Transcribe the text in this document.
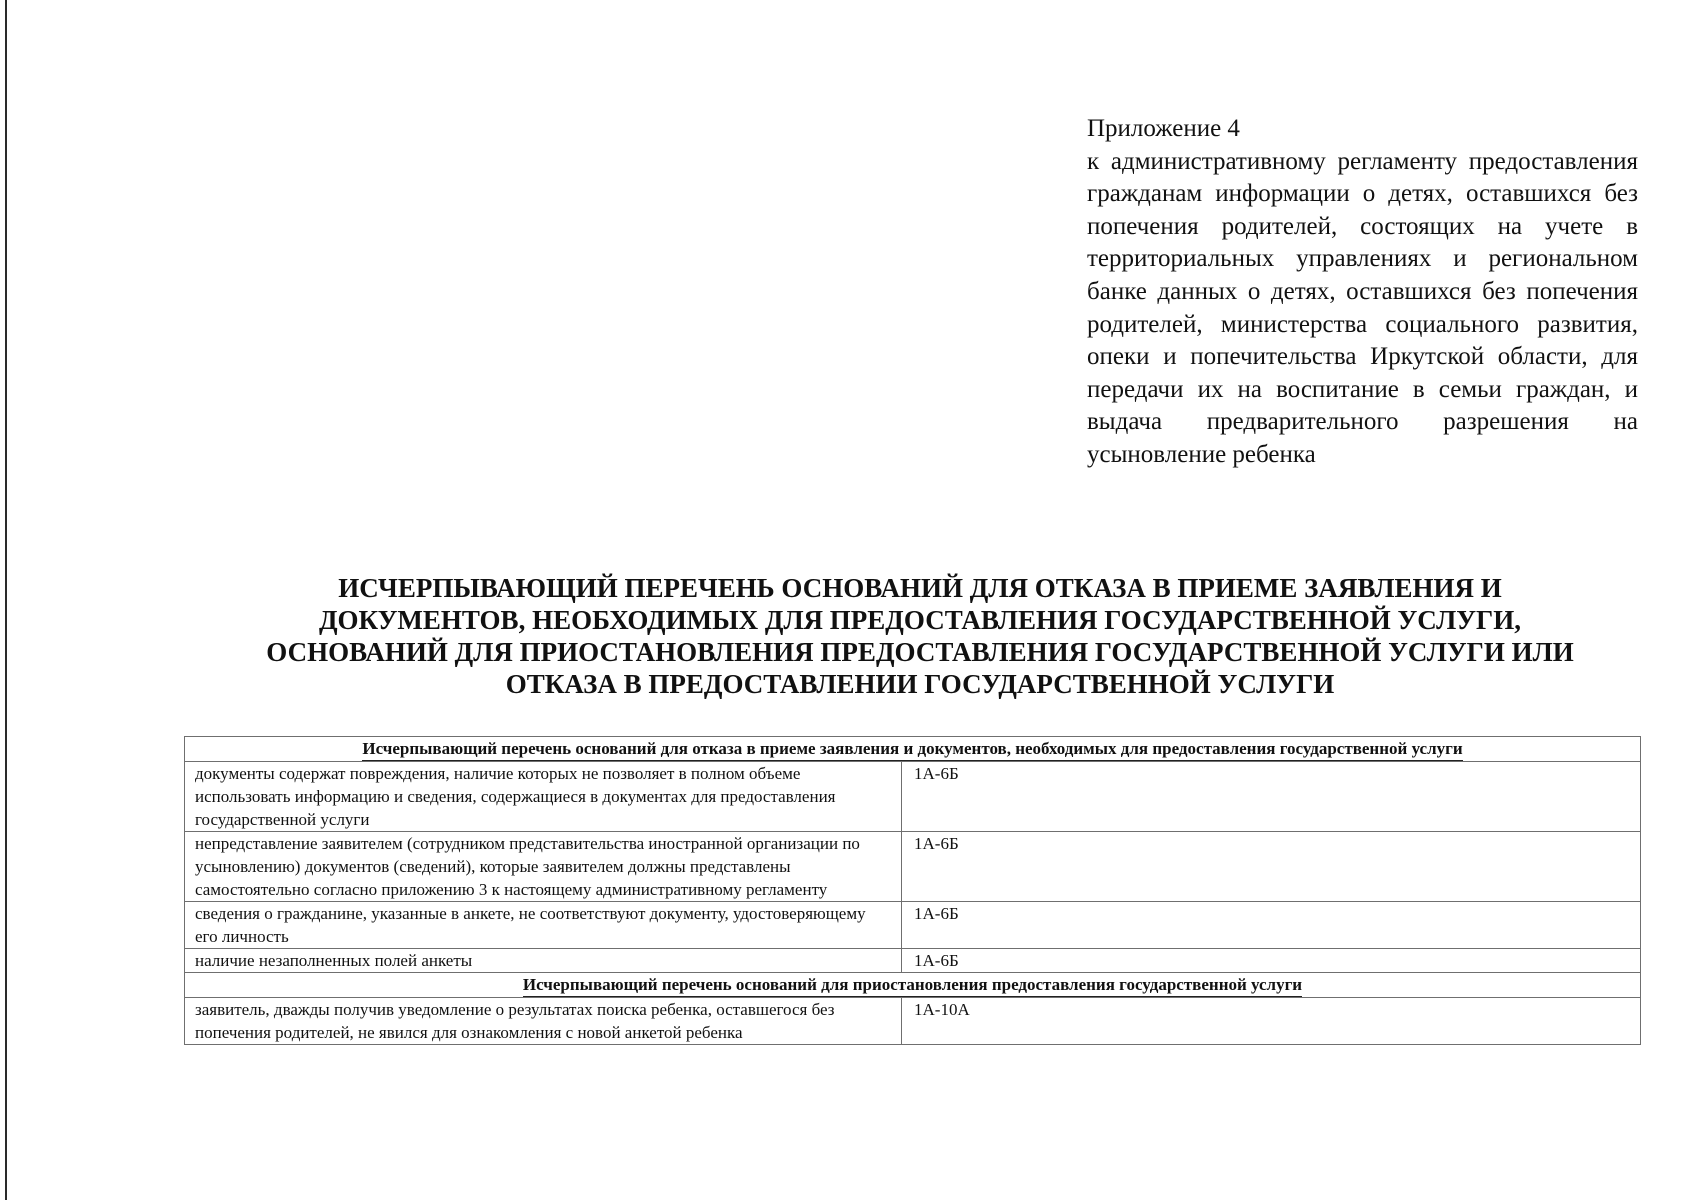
Приложение 4
к административному регламенту предоставления гражданам информации о детях, оставшихся без попечения родителей, состоящих на учете в территориальных управлениях и региональном банке данных о детях, оставшихся без попечения родителей, министерства социального развития, опеки и попечительства Иркутской области, для передачи их на воспитание в семьи граждан, и выдача предварительного разрешения на усыновление ребенка
ИСЧЕРПЫВАЮЩИЙ ПЕРЕЧЕНЬ ОСНОВАНИЙ ДЛЯ ОТКАЗА В ПРИЕМЕ ЗАЯВЛЕНИЯ И
ДОКУМЕНТОВ, НЕОБХОДИМЫХ ДЛЯ ПРЕДОСТАВЛЕНИЯ ГОСУДАРСТВЕННОЙ УСЛУГИ,
ОСНОВАНИЙ ДЛЯ ПРИОСТАНОВЛЕНИЯ ПРЕДОСТАВЛЕНИЯ ГОСУДАРСТВЕННОЙ УСЛУГИ ИЛИ
ОТКАЗА В ПРЕДОСТАВЛЕНИИ ГОСУДАРСТВЕННОЙ УСЛУГИ
Исчерпывающий перечень оснований для отказа в приеме заявления и документов, необходимых для предоставления государственной услуги	
документы содержат повреждения, наличие которых не позволяет в полном объеме использовать информацию и сведения, содержащиеся в документах для предоставления государственной услуги	1А-6Б
непредставление заявителем (сотрудником представительства иностранной организации по усыновлению) документов (сведений), которые заявителем должны представлены самостоятельно согласно приложению 3 к настоящему административному регламенту	1А-6Б
сведения о гражданине, указанные в анкете, не соответствуют документу, удостоверяющему его личность	1А-6Б
наличие незаполненных полей анкеты	1А-6Б
Исчерпывающий перечень оснований для приостановления предоставления государственной услуги	
заявитель, дважды получив уведомление о результатах поиска ребенка, оставшегося без попечения родителей, не явился для ознакомления с новой анкетой ребенка	1А-10А
